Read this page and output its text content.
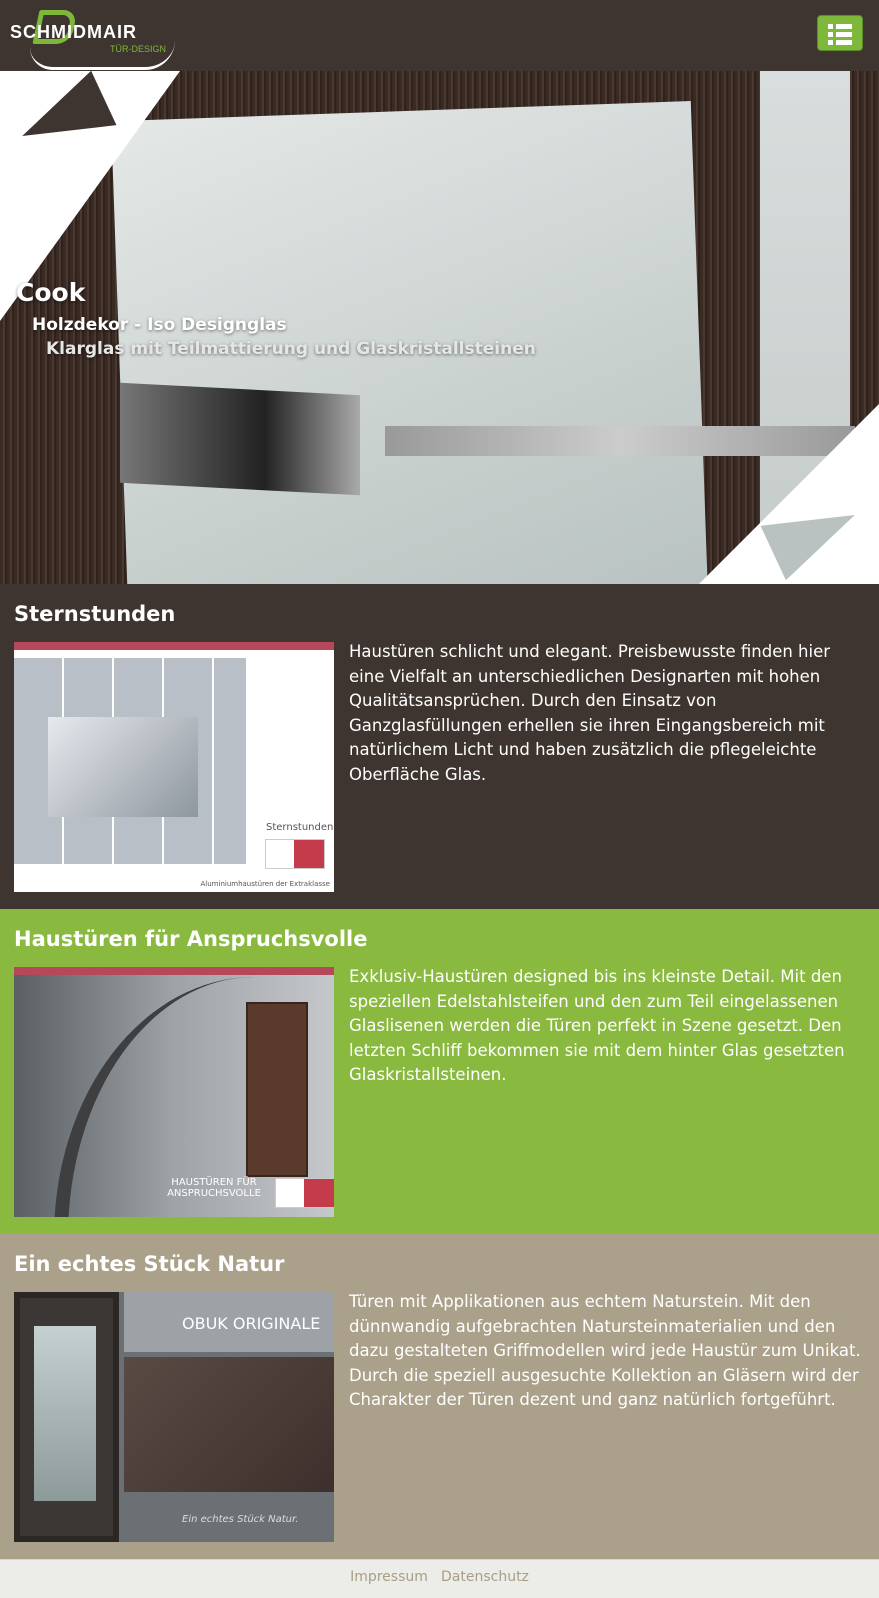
SCHMIDMAIR
TÜR-DESIGN
Cook
Holzdekor - Iso Designglas
Klarglas mit Teilmattierung und Glaskristallsteinen
Sternstunden
Sternstunden
Aluminiumhaustüren der Extraklasse

Haustüren schlicht und elegant. Preisbewusste finden hier eine Vielfalt an unterschiedlichen Designarten mit hohen Qualitätsansprüchen. Durch den Einsatz von Ganzglasfüllungen erhellen sie ihren Eingangsbereich mit natürlichem Licht und haben zusätzlich die pflegeleichte Oberfläche Glas.

Haustüren für Anspruchsvolle
HAUSTÜREN FÜR ANSPRUCHSVOLLE

Exklusiv-Haustüren designed bis ins kleinste Detail. Mit den speziellen Edelstahlsteifen und den zum Teil eingelassenen Glaslisenen werden die Türen perfekt in Szene gesetzt. Den letzten Schliff bekommen sie mit dem hinter Glas gesetzten Glaskristallsteinen.

Ein echtes Stück Natur
OBUK ORIGINALE
Ein echtes Stück Natur.

Türen mit Applikationen aus echtem Naturstein. Mit den dünnwandig aufgebrachten Natursteinmaterialien und den dazu gestalteten Griffmodellen wird jede Haustür zum Unikat. Durch die speziell ausgesuchte Kollektion an Gläsern wird der Charakter der Türen dezent und ganz natürlich fortgeführt.

Impressum Datenschutz
